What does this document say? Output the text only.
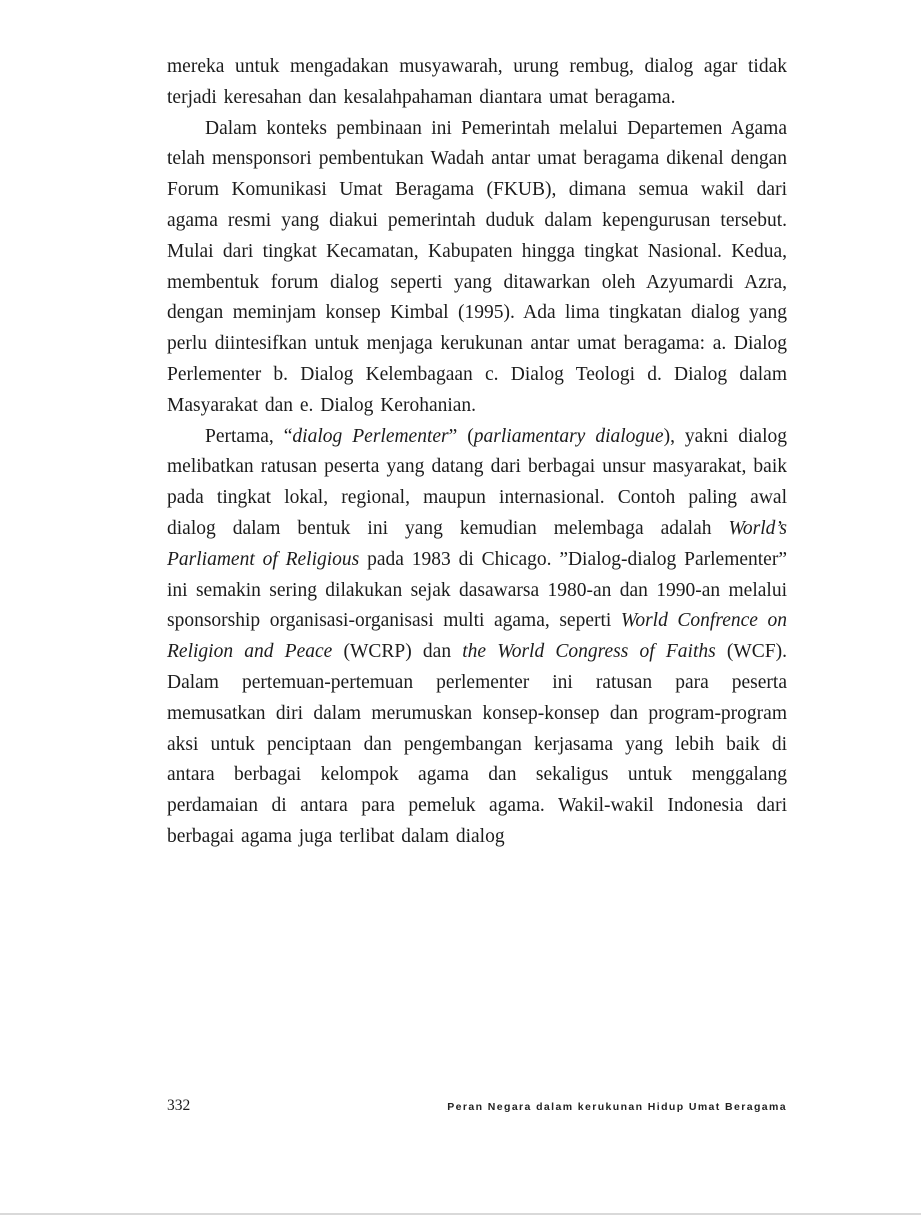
mereka untuk mengadakan musyawarah, urung rembug, dialog agar tidak terjadi keresahan dan kesalahpahaman diantara umat beragama.

Dalam konteks pembinaan ini Pemerintah melalui Departemen Agama telah mensponsori pembentukan Wadah antar umat beragama dikenal dengan Forum Komunikasi Umat Beragama (FKUB), dimana semua wakil dari agama resmi yang diakui pemerintah duduk dalam kepengurusan tersebut. Mulai dari tingkat Kecamatan, Kabupaten hingga tingkat Nasional. Kedua, membentuk forum dialog seperti yang ditawarkan oleh Azyumardi Azra, dengan meminjam konsep Kimbal (1995). Ada lima tingkatan dialog yang perlu diintesifkan untuk menjaga kerukunan antar umat beragama: a. Dialog Perlementer b. Dialog Kelembagaan c. Dialog Teologi d. Dialog dalam Masyarakat dan e. Dialog Kerohanian.

Pertama, “dialog Perlementer” (parliamentary dialogue), yakni dialog melibatkan ratusan peserta yang datang dari berbagai unsur masyarakat, baik pada tingkat lokal, regional, maupun internasional. Contoh paling awal dialog dalam bentuk ini yang kemudian melembaga adalah World’s Parliament of Religious pada 1983 di Chicago. ”Dialog-dialog Parlementer” ini semakin sering dilakukan sejak dasawarsa 1980-an dan 1990-an melalui sponsorship organisasi-organisasi multi agama, seperti World Confrence on Religion and Peace (WCRP) dan the World Congress of Faiths (WCF). Dalam pertemuan-pertemuan perlementer ini ratusan para peserta memusatkan diri dalam merumuskan konsep-konsep dan program-program aksi untuk penciptaan dan pengembangan kerjasama yang lebih baik di antara berbagai kelompok agama dan sekaligus untuk menggalang perdamaian di antara para pemeluk agama. Wakil-wakil Indonesia dari berbagai agama juga terlibat dalam dialog

332	Peran Negara dalam kerukunan Hidup Umat Beragama
